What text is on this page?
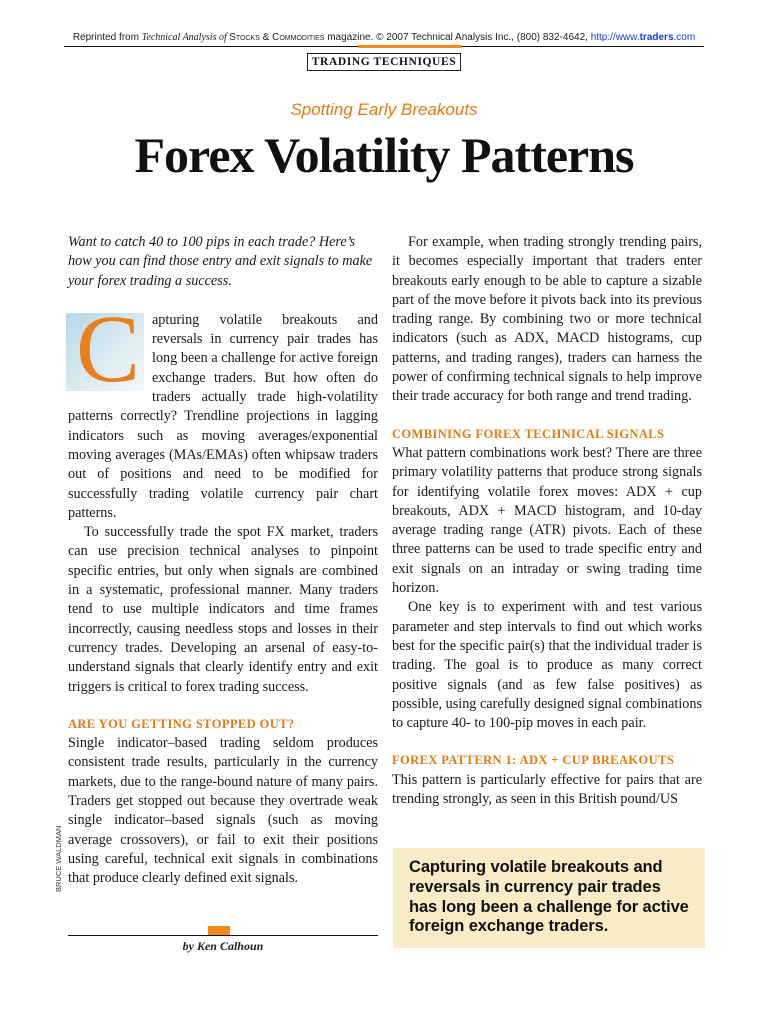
Reprinted from Technical Analysis of Stocks & Commodities magazine. © 2007 Technical Analysis Inc., (800) 832-4642, http://www.traders.com
TRADING TECHNIQUES
Spotting Early Breakouts
Forex Volatility Patterns

Want to catch 40 to 100 pips in each trade? Here’s how you can find those entry and exit signals to make your forex trading a success.

C apturing volatile breakouts and reversals in currency pair trades has long been a challenge for active foreign exchange traders. But how often do traders actually trade high-volatility patterns correctly? Trendline projections in lagging indicators such as moving averages/exponential moving averages (MAs/EMAs) often whipsaw traders out of positions and need to be modified for successfully trading volatile currency pair chart patterns.

To successfully trade the spot FX market, traders can use precision technical analyses to pinpoint specific entries, but only when signals are combined in a systematic, professional manner. Many traders tend to use multiple indicators and time frames incorrectly, causing needless stops and losses in their currency trades. Developing an arsenal of easy-to-understand signals that clearly identify entry and exit triggers is critical to forex trading success.

ARE YOU GETTING STOPPED OUT?

Single indicator–based trading seldom produces consistent trade results, particularly in the currency markets, due to the range-bound nature of many pairs. Traders get stopped out because they overtrade weak single indicator–based signals (such as moving average crossovers), or fail to exit their positions using careful, technical exit signals in combinations that produce clearly defined exit signals.

BRUCE WALDMAN
by Ken Calhoun

For example, when trading strongly trending pairs, it becomes especially important that traders enter breakouts early enough to be able to capture a sizable part of the move before it pivots back into its previous trading range. By combining two or more technical indicators (such as ADX, MACD histograms, cup patterns, and trading ranges), traders can harness the power of confirming technical signals to help improve their trade accuracy for both range and trend trading.

COMBINING FOREX TECHNICAL SIGNALS

What pattern combinations work best? There are three primary volatility patterns that produce strong signals for identifying volatile forex moves: ADX + cup breakouts, ADX + MACD histogram, and 10-day average trading range (ATR) pivots. Each of these three patterns can be used to trade specific entry and exit signals on an intraday or swing trading time horizon.

One key is to experiment with and test various parameter and step intervals to find out which works best for the specific pair(s) that the individual trader is trading. The goal is to produce as many correct positive signals (and as few false positives) as possible, using carefully designed signal combinations to capture 40- to 100-pip moves in each pair.

FOREX PATTERN 1: ADX + CUP BREAKOUTS

This pattern is particularly effective for pairs that are trending strongly, as seen in this British pound/US

Capturing volatile breakouts and reversals in currency pair trades has long been a challenge for active foreign exchange traders.
